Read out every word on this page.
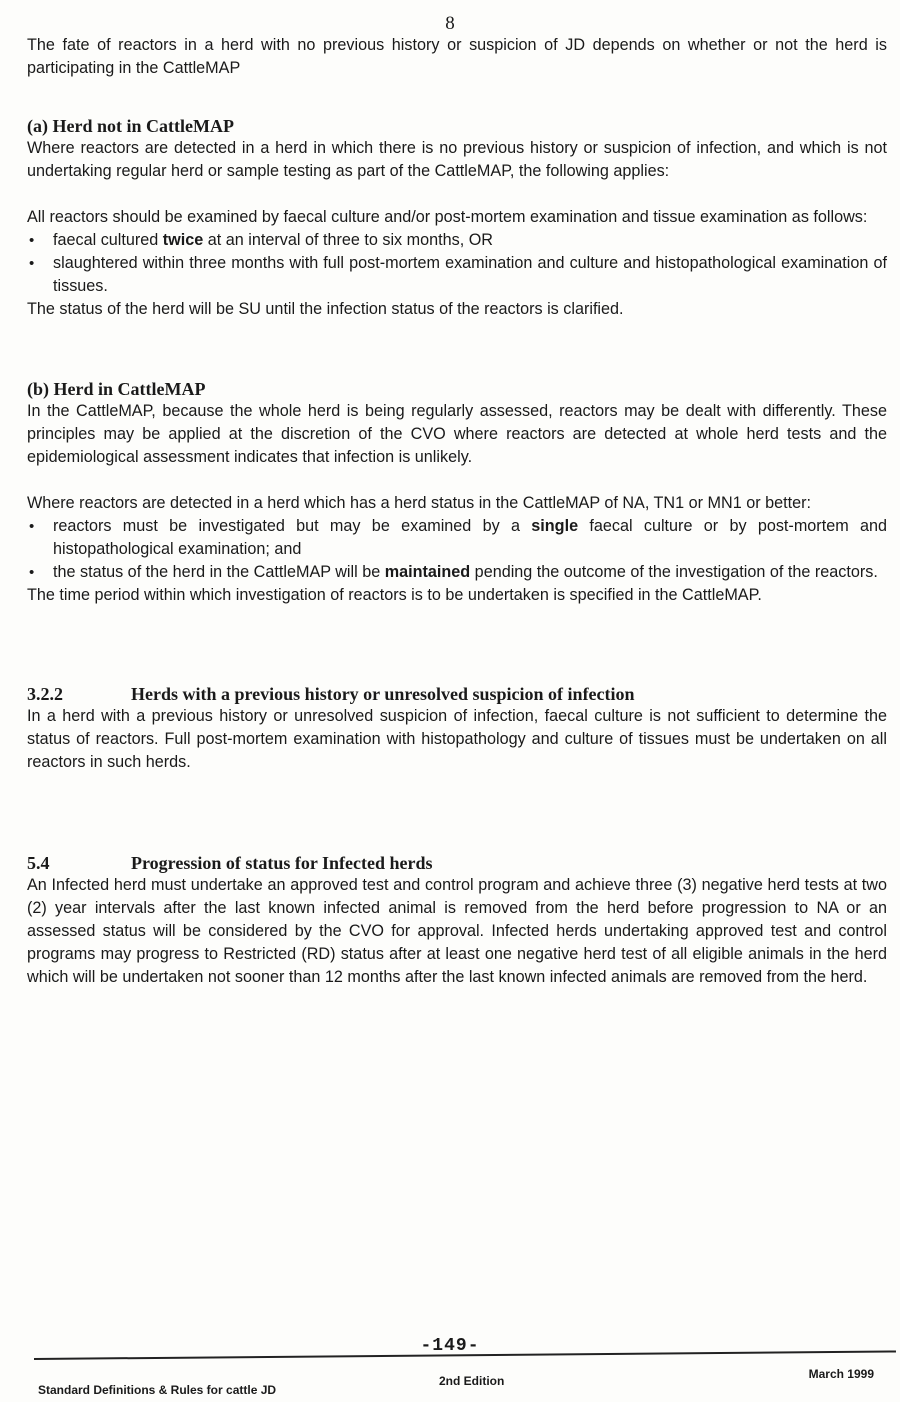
8

The fate of reactors in a herd with no previous history or suspicion of JD depends on whether or not the herd is participating in the CattleMAP

(a) Herd not in CattleMAP

Where reactors are detected in a herd in which there is no previous history or suspicion of infection, and which is not undertaking regular herd or sample testing as part of the CattleMAP, the following applies:

All reactors should be examined by faecal culture and/or post-mortem examination and tissue examination as follows:

• faecal cultured twice at an interval of three to six months, OR
• slaughtered within three months with full post-mortem examination and culture and histopathological examination of tissues.

The status of the herd will be SU until the infection status of the reactors is clarified.

(b) Herd in CattleMAP

In the CattleMAP, because the whole herd is being regularly assessed, reactors may be dealt with differently. These principles may be applied at the discretion of the CVO where reactors are detected at whole herd tests and the epidemiological assessment indicates that infection is unlikely.

Where reactors are detected in a herd which has a herd status in the CattleMAP of NA, TN1 or MN1 or better:

• reactors must be investigated but may be examined by a single faecal culture or by post-mortem and histopathological examination; and
• the status of the herd in the CattleMAP will be maintained pending the outcome of the investigation of the reactors.

The time period within which investigation of reactors is to be undertaken is specified in the CattleMAP.

3.2.2	Herds with a previous history or unresolved suspicion of infection

In a herd with a previous history or unresolved suspicion of infection, faecal culture is not sufficient to determine the status of reactors. Full post-mortem examination with histopathology and culture of tissues must be undertaken on all reactors in such herds.

5.4	Progression of status for Infected herds

An Infected herd must undertake an approved test and control program and achieve three (3) negative herd tests at two (2) year intervals after the last known infected animal is removed from the herd before progression to NA or an assessed status will be considered by the CVO for approval. Infected herds undertaking approved test and control programs may progress to Restricted (RD) status after at least one negative herd test of all eligible animals in the herd which will be undertaken not sooner than 12 months after the last known infected animals are removed from the herd.

-149-
Standard Definitions & Rules for cattle JD
2nd Edition	March 1999
